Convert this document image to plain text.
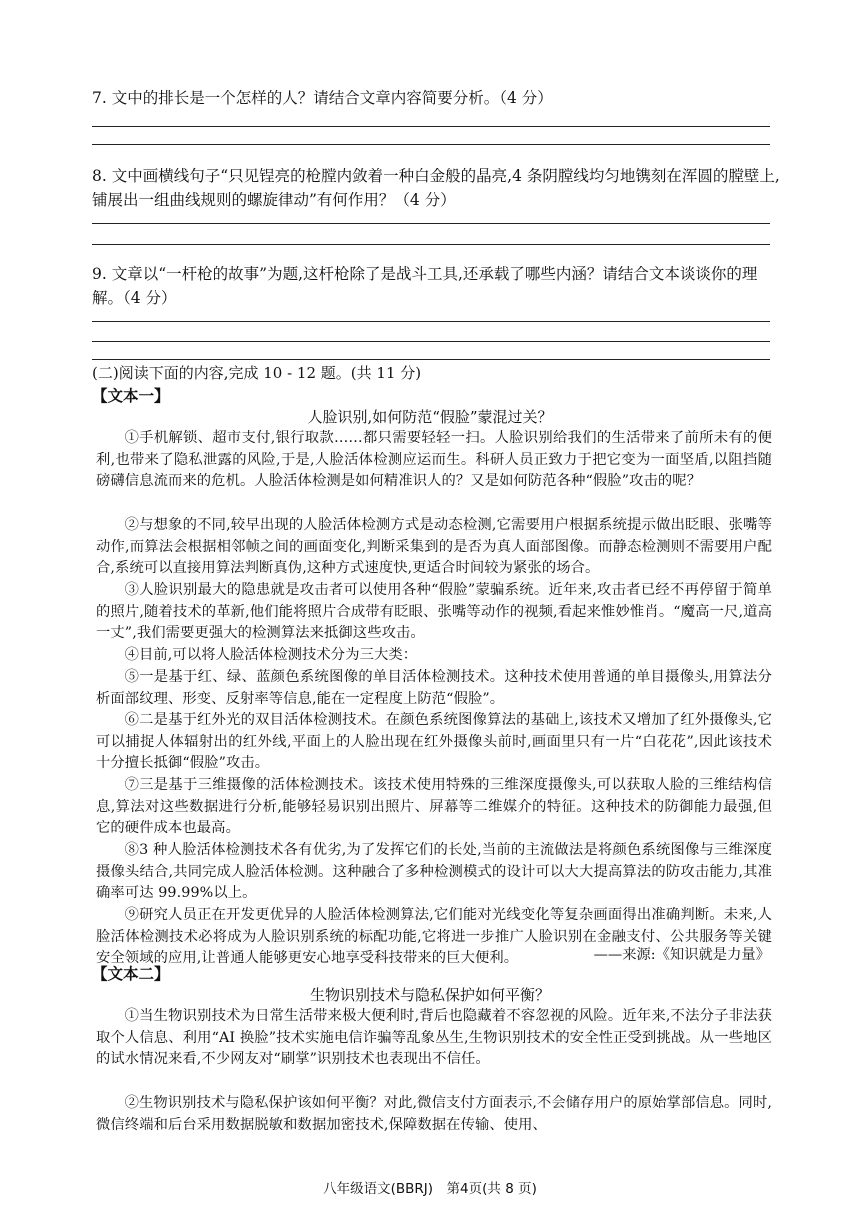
7. 文中的排长是一个怎样的人？请结合文章内容简要分析。（4 分）
8. 文中画横线句子“只见锃亮的枪膛内敛着一种白金般的晶亮,4 条阴膛线均匀地镌刻在浑圆的膛壁上,铺展出一组曲线规则的螺旋律动”有何作用？（4 分）
9. 文章以“一杆枪的故事”为题,这杆枪除了是战斗工具,还承载了哪些内涵？请结合文本谈谈你的理解。（4 分）
(二)阅读下面的内容,完成 10 - 12 题。(共 11 分)
【文本一】
人脸识别,如何防范“假脸”蒙混过关？
①手机解锁、超市支付,银行取款……都只需要轻轻一扫。人脸识别给我们的生活带来了前所未有的便利,也带来了隐私泄露的风险,于是,人脸活体检测应运而生。科研人员正致力于把它变为一面坚盾,以阻挡随磅礴信息流而来的危机。人脸活体检测是如何精准识人的？又是如何防范各种“假脸”攻击的呢？
②与想象的不同,较早出现的人脸活体检测方式是动态检测,它需要用户根据系统提示做出眨眼、张嘴等动作,而算法会根据相邻帧之间的画面变化,判断采集到的是否为真人面部图像。而静态检测则不需要用户配合,系统可以直接用算法判断真伪,这种方式速度快,更适合时间较为紧张的场合。
③人脸识别最大的隐患就是攻击者可以使用各种“假脸”蒙骗系统。近年来,攻击者已经不再停留于简单的照片,随着技术的革新,他们能将照片合成带有眨眼、张嘴等动作的视频,看起来惟妙惟肖。“魔高一尺,道高一丈”,我们需要更强大的检测算法来抵御这些攻击。
④目前,可以将人脸活体检测技术分为三大类：
⑤一是基于红、绿、蓝颜色系统图像的单目活体检测技术。这种技术使用普通的单目摄像头,用算法分析面部纹理、形变、反射率等信息,能在一定程度上防范“假脸”。
⑥二是基于红外光的双目活体检测技术。在颜色系统图像算法的基础上,该技术又增加了红外摄像头,它可以捕捉人体辐射出的红外线,平面上的人脸出现在红外摄像头前时,画面里只有一片“白花花”,因此该技术十分擅长抵御“假脸”攻击。
⑦三是基于三维摄像的活体检测技术。该技术使用特殊的三维深度摄像头,可以获取人脸的三维结构信息,算法对这些数据进行分析,能够轻易识别出照片、屏幕等二维媒介的特征。这种技术的防御能力最强,但它的硬件成本也最高。
⑧3 种人脸活体检测技术各有优劣,为了发挥它们的长处,当前的主流做法是将颜色系统图像与三维深度摄像头结合,共同完成人脸活体检测。这种融合了多种检测模式的设计可以大大提高算法的防攻击能力,其准确率可达 99.99%以上。
⑨研究人员正在开发更优异的人脸活体检测算法,它们能对光线变化等复杂画面得出准确判断。未来,人脸活体检测技术必将成为人脸识别系统的标配功能,它将进一步推广人脸识别在金融支付、公共服务等关键安全领域的应用,让普通人能够更安心地享受科技带来的巨大便利。	——来源:《知识就是力量》
【文本二】
生物识别技术与隐私保护如何平衡？
①当生物识别技术为日常生活带来极大便利时,背后也隐藏着不容忽视的风险。近年来,不法分子非法获取个人信息、利用“AI 换脸”技术实施电信诈骗等乱象丛生,生物识别技术的安全性正受到挑战。从一些地区的试水情况来看,不少网友对“刷掌”识别技术也表现出不信任。
②生物识别技术与隐私保护该如何平衡？对此,微信支付方面表示,不会储存用户的原始掌部信息。同时,微信终端和后台采用数据脱敏和数据加密技术,保障数据在传输、使用、
八年级语文(BBRJ)　第4页(共 8 页)
